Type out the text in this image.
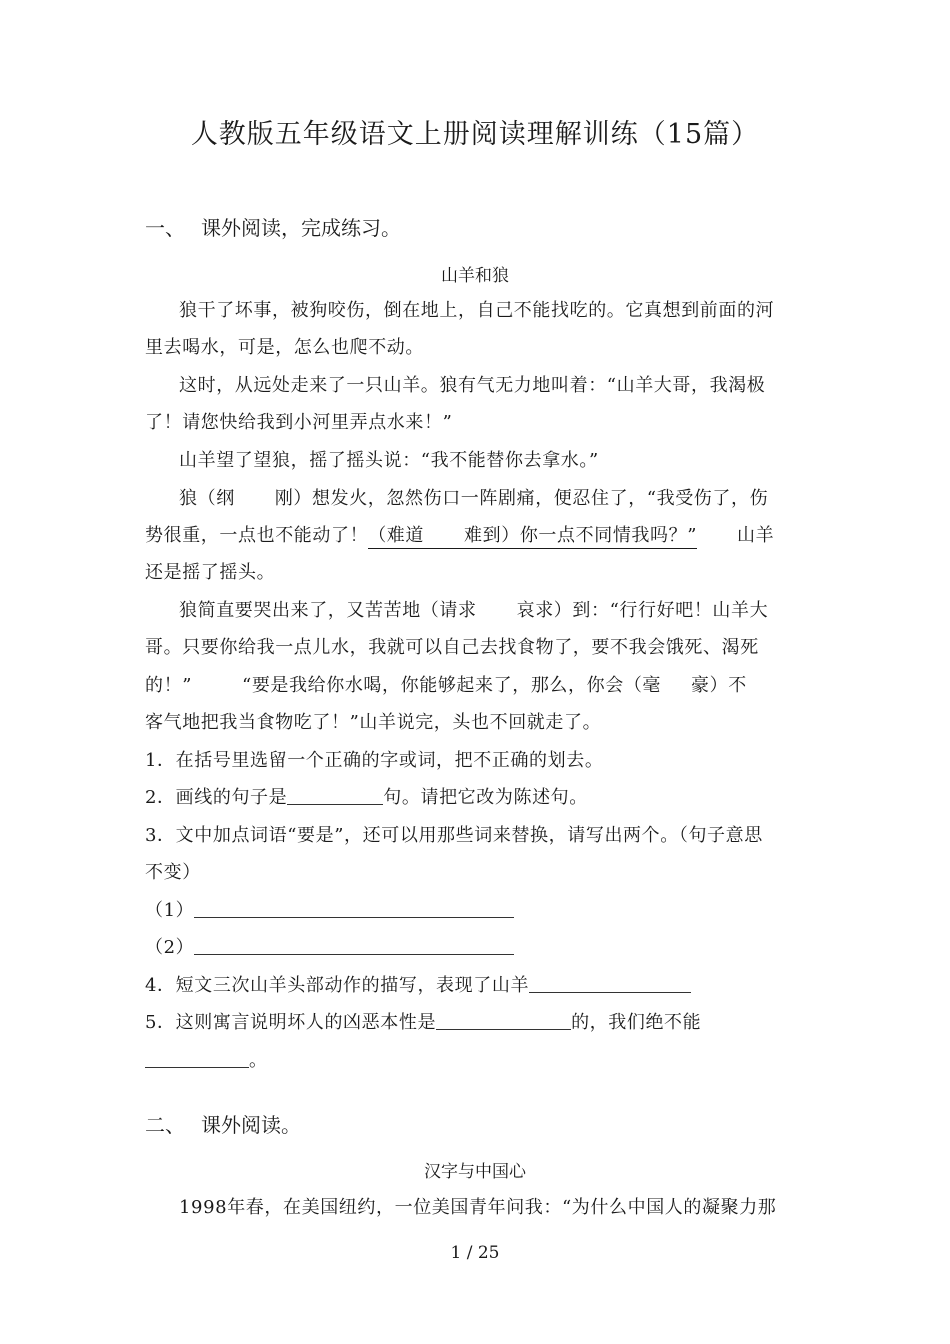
人教版五年级语文上册阅读理解训练（15篇）
一、 课外阅读，完成练习。
山羊和狼
狼干了坏事，被狗咬伤，倒在地上，自己不能找吃的。它真想到前面的河
里去喝水，可是，怎么也爬不动。
这时，从远处走来了一只山羊。狼有气无力地叫着：“山羊大哥，我渴极
了！请您快给我到小河里弄点水来！”
山羊望了望狼，摇了摇头说：“我不能替你去拿水。”
狼（纲 刚）想发火，忽然伤口一阵剧痛，便忍住了，“我受伤了，伤
势很重，一点也不能动了！（难道 难到）你一点不同情我吗？” 山羊
还是摇了摇头。
狼简直要哭出来了，又苦苦地（请求 哀求）到：“行行好吧！山羊大
哥。只要你给我一点儿水，我就可以自己去找食物了，要不我会饿死、渴死
的！”	“要是我给你水喝，你能够起来了，那么，你会（毫 豪）不
客气地把我当食物吃了！”山羊说完，头也不回就走了。
1．在括号里选留一个正确的字或词，把不正确的划去。
2．画线的句子是	句。请把它改为陈述句。
3．文中加点词语“要是”，还可以用那些词来替换，请写出两个。（句子意思
不变）
（1）
（2）
4．短文三次山羊头部动作的描写，表现了山羊
5．这则寓言说明坏人的凶恶本性是	的，我们绝不能
。
二、 课外阅读。
汉字与中国心
1998年春，在美国纽约，一位美国青年问我：“为什么中国人的凝聚力那
1 / 25
